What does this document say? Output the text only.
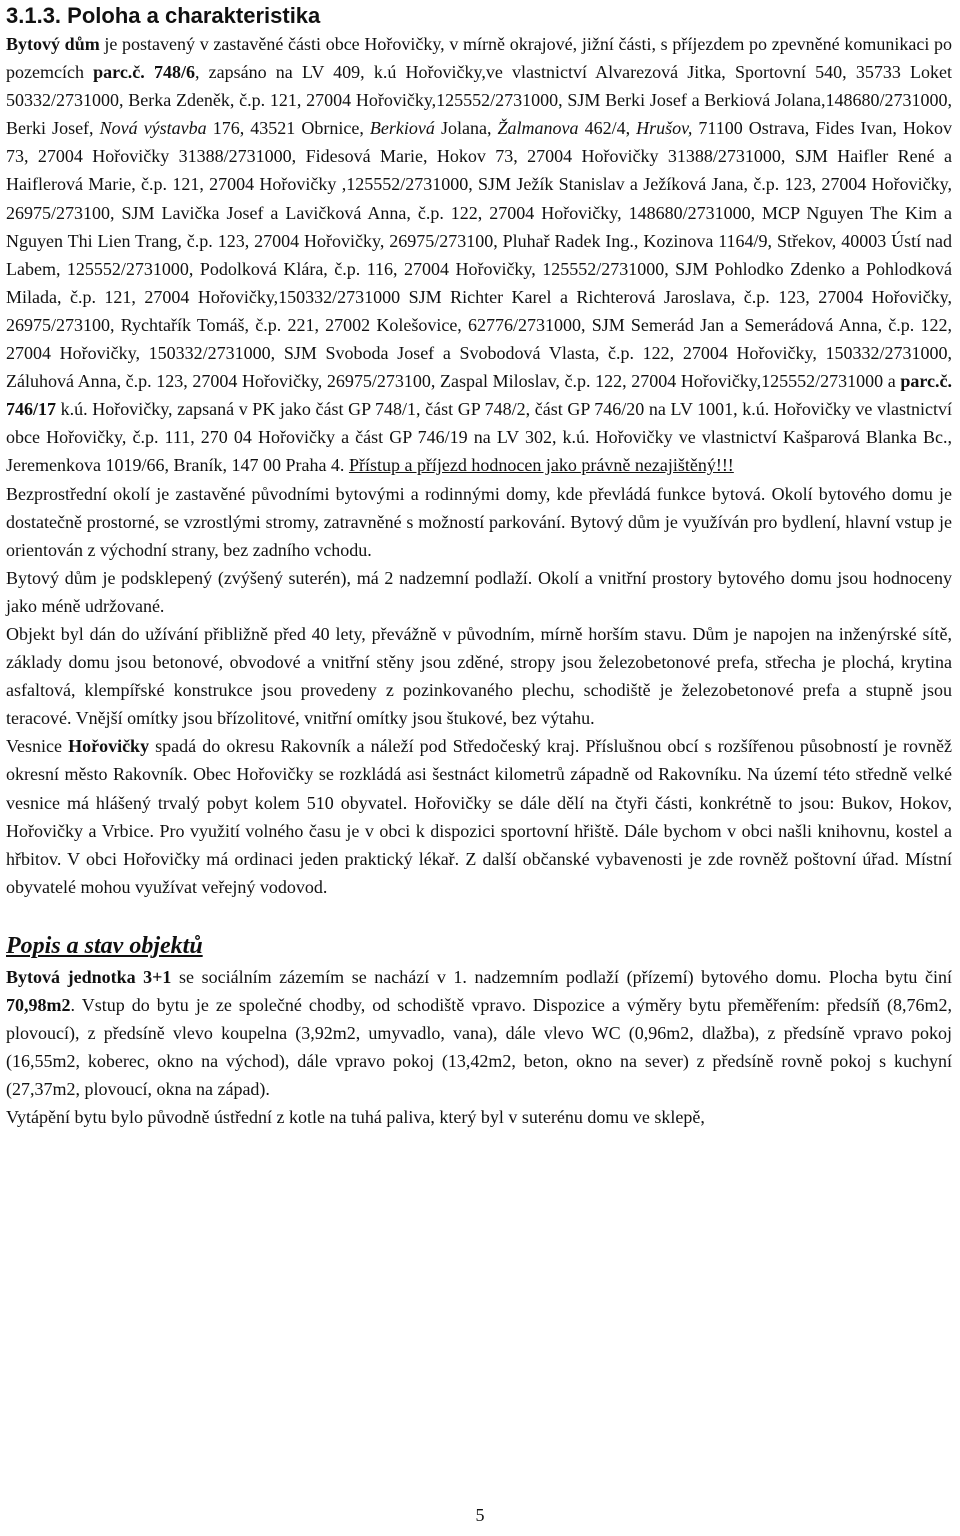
3.1.3. Poloha a charakteristika

Bytový dům je postavený v zastavěné části obce Hořovičky, v mírně okrajové, jižní části, s příjezdem po zpevněné komunikaci po pozemcích parc.č. 748/6, zapsáno na LV 409, k.ú Hořovičky,ve vlastnictví Alvarezová Jitka, Sportovní 540, 35733 Loket 50332/2731000, Berka Zdeněk, č.p. 121, 27004 Hořovičky,125552/2731000, SJM Berki Josef a Berkiová Jolana,148680/2731000, Berki Josef, Nová výstavba 176, 43521 Obrnice, Berkiová Jolana, Žalmanova 462/4, Hrušov, 71100 Ostrava, Fides Ivan, Hokov 73, 27004 Hořovičky 31388/2731000, Fidesová Marie, Hokov 73, 27004 Hořovičky 31388/2731000, SJM Haifler René a Haiflerová Marie, č.p. 121, 27004 Hořovičky ,125552/2731000, SJM Ježík Stanislav a Ježíková Jana, č.p. 123, 27004 Hořovičky, 26975/273100, SJM Lavička Josef a Lavičková Anna, č.p. 122, 27004 Hořovičky, 148680/2731000, MCP Nguyen The Kim a Nguyen Thi Lien Trang, č.p. 123, 27004 Hořovičky, 26975/273100, Pluhař Radek Ing., Kozinova 1164/9, Střekov, 40003 Ústí nad Labem, 125552/2731000, Podolková Klára, č.p. 116, 27004 Hořovičky, 125552/2731000, SJM Pohlodko Zdenko a Pohlodková Milada, č.p. 121, 27004 Hořovičky,150332/2731000 SJM Richter Karel a Richterová Jaroslava, č.p. 123, 27004 Hořovičky, 26975/273100, Rychtařík Tomáš, č.p. 221, 27002 Kolešovice, 62776/2731000, SJM Semerád Jan a Semerádová Anna, č.p. 122, 27004 Hořovičky, 150332/2731000, SJM Svoboda Josef a Svobodová Vlasta, č.p. 122, 27004 Hořovičky, 150332/2731000, Záluhová Anna, č.p. 123, 27004 Hořovičky, 26975/273100, Zaspal Miloslav, č.p. 122, 27004 Hořovičky,125552/2731000 a parc.č. 746/17 k.ú. Hořovičky, zapsaná v PK jako část GP 748/1, část GP 748/2, část GP 746/20 na LV 1001, k.ú. Hořovičky ve vlastnictví obce Hořovičky, č.p. 111, 270 04 Hořovičky a část GP 746/19 na LV 302, k.ú. Hořovičky ve vlastnictví Kašparová Blanka Bc., Jeremenkova 1019/66, Braník, 147 00 Praha 4. Přístup a příjezd hodnocen jako právně nezajištěný!!!

Bezprostřední okolí je zastavěné původními bytovými a rodinnými domy, kde převládá funkce bytová. Okolí bytového domu je dostatečně prostorné, se vzrostlými stromy, zatravněné s možností parkování. Bytový dům je využíván pro bydlení, hlavní vstup je orientován z východní strany, bez zadního vchodu.

Bytový dům je podsklepený (zvýšený suterén), má 2 nadzemní podlaží. Okolí a vnitřní prostory bytového domu jsou hodnoceny jako méně udržované.

Objekt byl dán do užívání přibližně před 40 lety, převážně v původním, mírně horším stavu. Dům je napojen na inženýrské sítě, základy domu jsou betonové, obvodové a vnitřní stěny jsou zděné, stropy jsou železobetonové prefa, střecha je plochá, krytina asfaltová, klempířské konstrukce jsou provedeny z pozinkovaného plechu, schodiště je železobetonové prefa a stupně jsou teracové. Vnější omítky jsou břízolitové, vnitřní omítky jsou štukové, bez výtahu.

Vesnice Hořovičky spadá do okresu Rakovník a náleží pod Středočeský kraj. Příslušnou obcí s rozšířenou působností je rovněž okresní město Rakovník. Obec Hořovičky se rozkládá asi šestnáct kilometrů západně od Rakovníku. Na území této středně velké vesnice má hlášený trvalý pobyt kolem 510 obyvatel. Hořovičky se dále dělí na čtyři části, konkrétně to jsou: Bukov, Hokov, Hořovičky a Vrbice. Pro využití volného času je v obci k dispozici sportovní hřiště. Dále bychom v obci našli knihovnu, kostel a hřbitov. V obci Hořovičky má ordinaci jeden praktický lékař. Z další občanské vybavenosti je zde rovněž poštovní úřad. Místní obyvatelé mohou využívat veřejný vodovod.

Popis a stav objektů

Bytová jednotka 3+1 se sociálním zázemím se nachází v 1. nadzemním podlaží (přízemí) bytového domu. Plocha bytu činí 70,98m2. Vstup do bytu je ze společné chodby, od schodiště vpravo. Dispozice a výměry bytu přeměřením: předsíň (8,76m2, plovoucí), z předsíně vlevo koupelna (3,92m2, umyvadlo, vana), dále vlevo WC (0,96m2, dlažba), z předsíně vpravo pokoj (16,55m2, koberec, okno na východ), dále vpravo pokoj (13,42m2, beton, okno na sever) z předsíně rovně pokoj s kuchyní (27,37m2, plovoucí, okna na západ).

Vytápění bytu bylo původně ústřední z kotle na tuhá paliva, který byl v suterénu domu ve sklepě,

5
